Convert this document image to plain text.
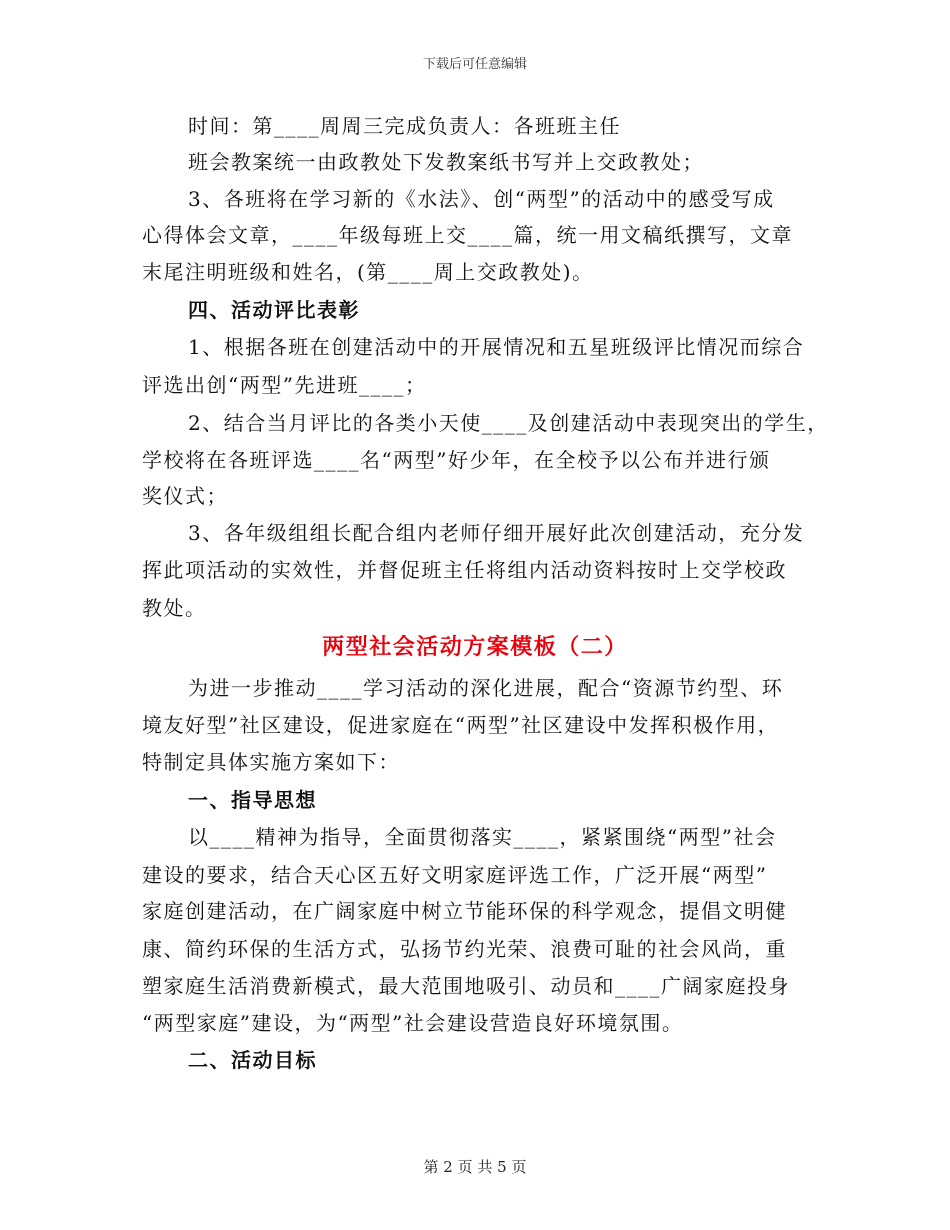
下载后可任意编辑
时间：第____周周三完成负责人：各班班主任
班会教案统一由政教处下发教案纸书写并上交政教处；
3、各班将在学习新的《水法》、创“两型”的活动中的感受写成
心得体会文章，____年级每班上交____篇，统一用文稿纸撰写，文章
末尾注明班级和姓名，(第____周上交政教处)。
四、活动评比表彰
1、根据各班在创建活动中的开展情况和五星班级评比情况而综合
评选出创“两型”先进班____；
2、结合当月评比的各类小天使____及创建活动中表现突出的学生，
学校将在各班评选____名“两型”好少年，在全校予以公布并进行颁
奖仪式；
3、各年级组组长配合组内老师仔细开展好此次创建活动，充分发
挥此项活动的实效性，并督促班主任将组内活动资料按时上交学校政
教处。
两型社会活动方案模板（二）
为进一步推动____学习活动的深化进展，配合“资源节约型、环
境友好型”社区建设，促进家庭在“两型”社区建设中发挥积极作用，
特制定具体实施方案如下：
一、指导思想
以____精神为指导，全面贯彻落实____，紧紧围绕“两型”社会
建设的要求，结合天心区五好文明家庭评选工作，广泛开展“两型”
家庭创建活动，在广阔家庭中树立节能环保的科学观念，提倡文明健
康、简约环保的生活方式，弘扬节约光荣、浪费可耻的社会风尚，重
塑家庭生活消费新模式，最大范围地吸引、动员和____广阔家庭投身
“两型家庭”建设，为“两型”社会建设营造良好环境氛围。
二、活动目标
第 2 页 共 5 页
